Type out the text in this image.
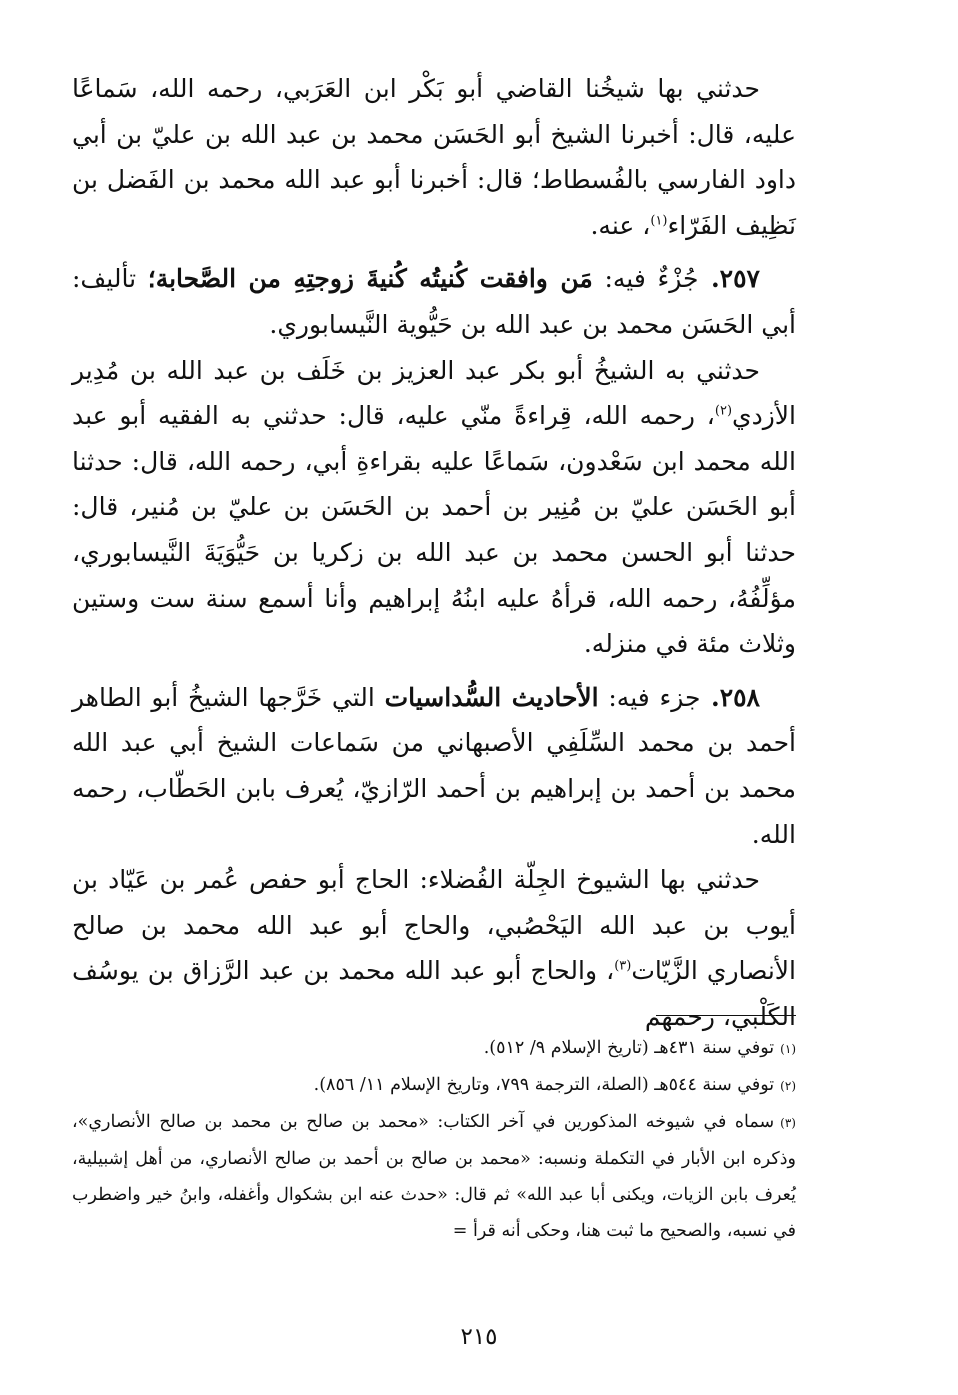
حدثني بها شيخُنا القاضي أبو بَكْر ابن العَرَبي، رحمه الله، سَماعًا عليه، قال: أخبرنا الشيخ أبو الحَسَن محمد بن عبد الله بن عليّ بن أبي داود الفارسي بالفُسطاط؛ قال: أخبرنا أبو عبد الله محمد بن الفَضل بن نَظِيف الفَرّاء$^{(١)}$، عنه.

٢٥٧. جُزْءٌ فيه: مَن وافقت كُنيتُه كُنيةَ زوجتِهِ من الصَّحابة؛ تأليف: أبي الحَسَن محمد بن عبد الله بن حَيُّوية النَّيسابوري.

حدثني به الشيخُ أبو بكر عبد العزيز بن خَلَف بن عبد الله بن مُدِير الأزدي$^{(٢)}$، رحمه الله، قِراءةً منّي عليه، قال: حدثني به الفقيه أبو عبد الله محمد ابن سَعْدون، سَماعًا عليه بقراءةِ أبي، رحمه الله، قال: حدثنا أبو الحَسَن عليّ بن مُنِير بن أحمد بن الحَسَن بن عليّ بن مُنير، قال: حدثنا أبو الحسن محمد بن عبد الله بن زكريا بن حَيُّوَيَةَ النَّيسابوري، مؤلِّفُهُ، رحمه الله، قرأهُ عليه ابنُهُ إبراهيم وأنا أسمع سنة ست وستين وثلاث مئة في منزله.

٢٥٨. جزء فيه: الأحاديث السُّداسيات التي خَرَّجها الشيخُ أبو الطاهر أحمد بن محمد السِّلَفِي الأصبهاني من سَماعات الشيخ أبي عبد الله محمد بن أحمد بن إبراهيم بن أحمد الرّازيّ، يُعرف بابن الحَطّاب، رحمه الله.

حدثني بها الشيوخ الجِلّة الفُضلاء: الحاج أبو حفص عُمر بن عَيّاد بن أيوب بن عبد الله اليَحْصُبي، والحاج أبو عبد الله محمد بن صالح الأنصاري الزَّيّات$^{(٣)}$، والحاج أبو عبد الله محمد بن عبد الرَّزاق بن يوسُف الكَلْبي، رحمهم

(١)توفي سنة ٤٣١هـ (تاريخ الإسلام ٩/ ٥١٢).

(٢)توفي سنة ٥٤٤هـ (الصلة، الترجمة ٧٩٩، وتاريخ الإسلام ١١/ ٨٥٦).

(٣)سماه في شيوخه المذكورين في آخر الكتاب: «محمد بن صالح بن محمد بن صالح الأنصاري»، وذكره ابن الأبار في التكملة ونسبه: «محمد بن صالح بن أحمد بن صالح الأنصاري، من أهل إشبيلية، يُعرف بابن الزيات، ويكنى أبا عبد الله» ثم قال: «حدث عنه ابن بشكوال وأغفله، وابنُ خير واضطرب في نسبه، والصحيح ما ثبت هنا، وحكى أنه قرأ =

٢١٥
